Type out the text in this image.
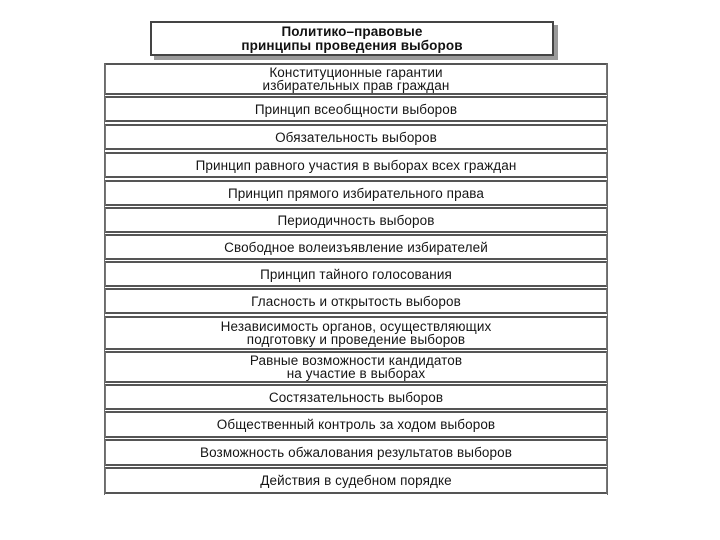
Политико–правовые
принципы проведения выборов
Конституционные гарантии
избирательных прав граждан
Принцип всеобщности выборов
Обязательность выборов
Принцип равного участия в выборах всех граждан
Принцип прямого избирательного права
Периодичность выборов
Свободное волеизъявление избирателей
Принцип тайного голосования
Гласность и открытость выборов
Независимость органов, осуществляющих
подготовку и проведение выборов
Равные возможности кандидатов
на участие в выборах
Состязательность выборов
Общественный контроль за ходом выборов
Возможность обжалования результатов выборов
Действия в судебном порядке
